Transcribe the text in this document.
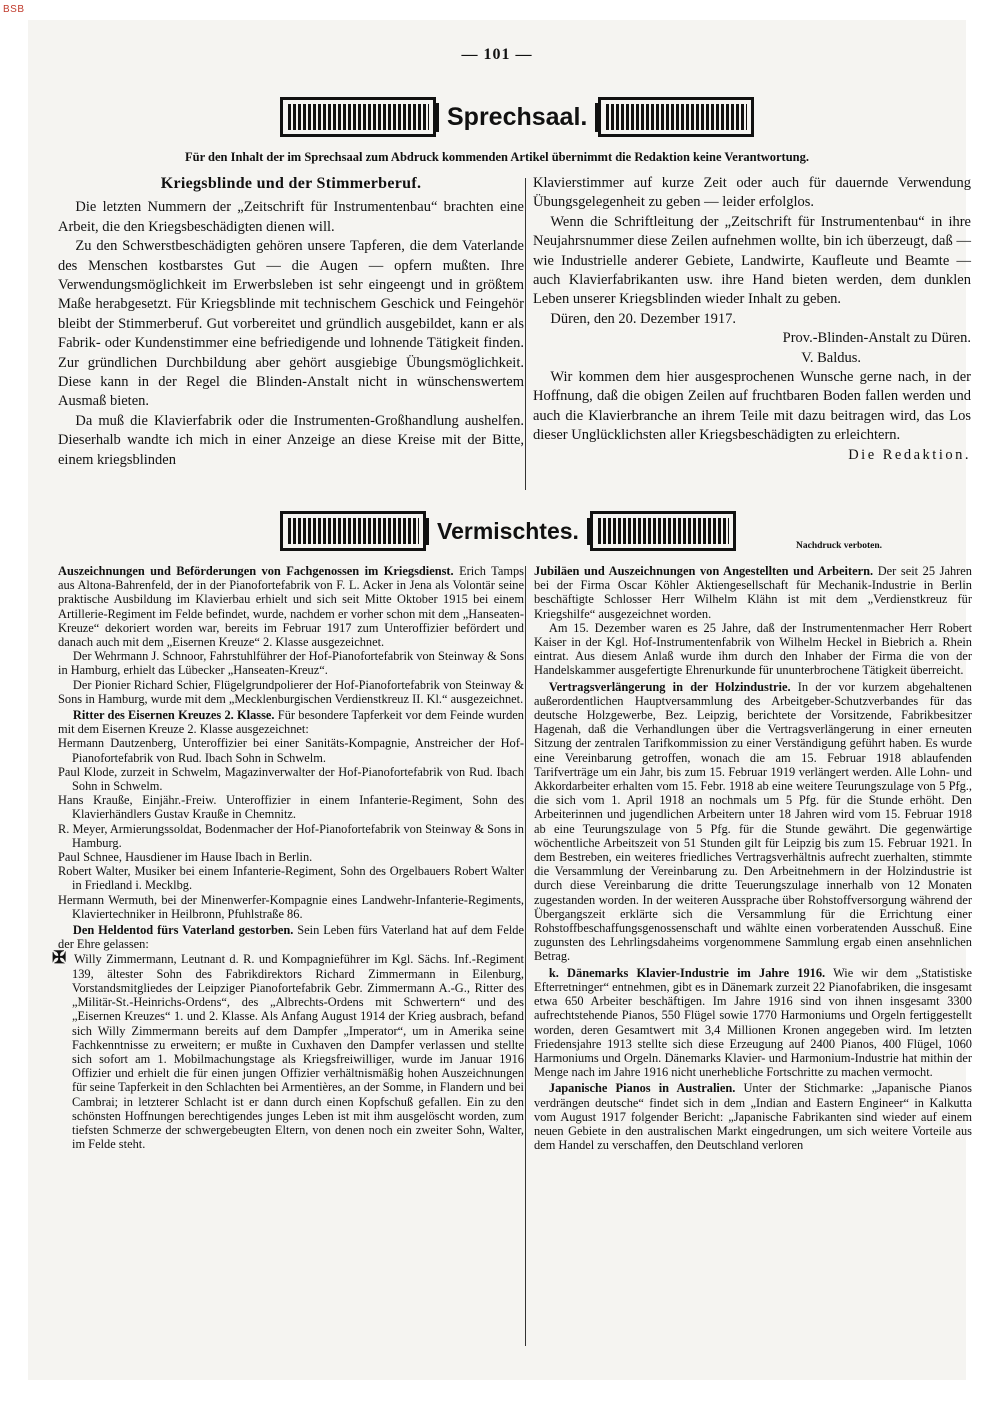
BSB
— 101 —
Sprechsaal.
Für den Inhalt der im Sprechsaal zum Abdruck kommenden Artikel übernimmt die Redaktion keine Verantwortung.
Kriegsblinde und der Stimmerberuf.

Die letzten Nummern der „Zeitschrift für Instrumentenbau“ brachten eine Arbeit, die den Kriegsbeschädigten dienen will.

Zu den Schwerstbeschädigten gehören unsere Tapferen, die dem Vaterlande des Menschen kostbarstes Gut — die Augen — opfern mußten. Ihre Verwendungsmöglichkeit im Erwerbsleben ist sehr eingeengt und in größtem Maße herabgesetzt. Für Kriegsblinde mit technischem Geschick und Feingehör bleibt der Stimmerberuf. Gut vorbereitet und gründlich ausgebildet, kann er als Fabrik- oder Kundenstimmer eine befriedigende und lohnende Tätigkeit finden. Zur gründlichen Durchbildung aber gehört ausgiebige Übungsmöglichkeit. Diese kann in der Regel die Blinden-Anstalt nicht in wünschenswertem Ausmaß bieten.

Da muß die Klavierfabrik oder die Instrumenten-Großhandlung aushelfen. Dieserhalb wandte ich mich in einer Anzeige an diese Kreise mit der Bitte, einem kriegsblinden

Klavierstimmer auf kurze Zeit oder auch für dauernde Verwendung Übungsgelegenheit zu geben — leider erfolglos.

Wenn die Schriftleitung der „Zeitschrift für Instrumentenbau“ in ihre Neujahrsnummer diese Zeilen aufnehmen wollte, bin ich überzeugt, daß — wie Industrielle anderer Gebiete, Landwirte, Kaufleute und Beamte — auch Klavierfabrikanten usw. ihre Hand bieten werden, dem dunklen Leben unserer Kriegsblinden wieder Inhalt zu geben.

Düren, den 20. Dezember 1917.

Prov.-Blinden-Anstalt zu Düren.

V. Baldus.

Wir kommen dem hier ausgesprochenen Wunsche gerne nach, in der Hoffnung, daß die obigen Zeilen auf fruchtbaren Boden fallen werden und auch die Klavierbranche an ihrem Teile mit dazu beitragen wird, das Los dieser Unglücklichsten aller Kriegsbeschädigten zu erleichtern.

Die Redaktion.

Vermischtes.
Nachdruck verboten.

Auszeichnungen und Beförderungen von Fachgenossen im Kriegsdienst. Erich Tamps aus Altona-Bahrenfeld, der in der Pianofortefabrik von F. L. Acker in Jena als Volontär seine praktische Ausbildung im Klavierbau erhielt und sich seit Mitte Oktober 1915 bei einem Artillerie-Regiment im Felde befindet, wurde, nachdem er vorher schon mit dem „Hanseaten-Kreuze“ dekoriert worden war, bereits im Februar 1917 zum Unteroffizier befördert und danach auch mit dem „Eisernen Kreuze“ 2. Klasse ausgezeichnet.

Der Wehrmann J. Schnoor, Fahrstuhlführer der Hof-Pianofortefabrik von Steinway & Sons in Hamburg, erhielt das Lübecker „Hanseaten-Kreuz“.

Der Pionier Richard Schier, Flügelgrundpolierer der Hof-Pianofortefabrik von Steinway & Sons in Hamburg, wurde mit dem „Mecklenburgischen Verdienstkreuz II. Kl.“ ausgezeichnet.

Ritter des Eisernen Kreuzes 2. Klasse. Für besondere Tapferkeit vor dem Feinde wurden mit dem Eisernen Kreuze 2. Klasse ausgezeichnet:

Hermann Dautzenberg, Unteroffizier bei einer Sanitäts-Kompagnie, Anstreicher der Hof-Pianofortefabrik von Rud. Ibach Sohn in Schwelm.

Paul Klode, zurzeit in Schwelm, Magazinverwalter der Hof-Pianofortefabrik von Rud. Ibach Sohn in Schwelm.

Hans Krauße, Einjähr.-Freiw. Unteroffizier in einem Infanterie-Regiment, Sohn des Klavierhändlers Gustav Krauße in Chemnitz.

R. Meyer, Armierungssoldat, Bodenmacher der Hof-Pianofortefabrik von Steinway & Sons in Hamburg.

Paul Schnee, Hausdiener im Hause Ibach in Berlin.

Robert Walter, Musiker bei einem Infanterie-Regiment, Sohn des Orgelbauers Robert Walter in Friedland i. Mecklbg.

Hermann Wermuth, bei der Minenwerfer-Kompagnie eines Landwehr-Infanterie-Regiments, Klaviertechniker in Heilbronn, Pfuhlstraße 86.

Den Heldentod fürs Vaterland gestorben. Sein Leben fürs Vaterland hat auf dem Felde der Ehre gelassen:

✠ Willy Zimmermann, Leutnant d. R. und Kompagnieführer im Kgl. Sächs. Inf.-Regiment 139, ältester Sohn des Fabrikdirektors Richard Zimmermann in Eilenburg, Vorstandsmitgliedes der Leipziger Pianofortefabrik Gebr. Zimmermann A.-G., Ritter des „Militär-St.-Heinrichs-Ordens“, des „Albrechts-Ordens mit Schwertern“ und des „Eisernen Kreuzes“ 1. und 2. Klasse. Als Anfang August 1914 der Krieg ausbrach, befand sich Willy Zimmermann bereits auf dem Dampfer „Imperator“, um in Amerika seine Fachkenntnisse zu erweitern; er mußte in Cuxhaven den Dampfer verlassen und stellte sich sofort am 1. Mobilmachungstage als Kriegsfreiwilliger, wurde im Januar 1916 Offizier und erhielt die für einen jungen Offizier verhältnismäßig hohen Auszeichnungen für seine Tapferkeit in den Schlachten bei Armentières, an der Somme, in Flandern und bei Cambrai; in letzterer Schlacht ist er dann durch einen Kopfschuß gefallen. Ein zu den schönsten Hoffnungen berechtigendes junges Leben ist mit ihm ausgelöscht worden, zum tiefsten Schmerze der schwergebeugten Eltern, von denen noch ein zweiter Sohn, Walter, im Felde steht.

Jubiläen und Auszeichnungen von Angestellten und Arbeitern. Der seit 25 Jahren bei der Firma Oscar Köhler Aktiengesellschaft für Mechanik-Industrie in Berlin beschäftigte Schlosser Herr Wilhelm Klähn ist mit dem „Verdienstkreuz für Kriegshilfe“ ausgezeichnet worden.

Am 15. Dezember waren es 25 Jahre, daß der Instrumentenmacher Herr Robert Kaiser in der Kgl. Hof-Instrumentenfabrik von Wilhelm Heckel in Biebrich a. Rhein eintrat. Aus diesem Anlaß wurde ihm durch den Inhaber der Firma die von der Handelskammer ausgefertigte Ehrenurkunde für ununterbrochene Tätigkeit überreicht.

Vertragsverlängerung in der Holzindustrie. In der vor kurzem abgehaltenen außerordentlichen Hauptversammlung des Arbeitgeber-Schutzverbandes für das deutsche Holzgewerbe, Bez. Leipzig, berichtete der Vorsitzende, Fabrikbesitzer Hagenah, daß die Verhandlungen über die Vertragsverlängerung in einer erneuten Sitzung der zentralen Tarifkommission zu einer Verständigung geführt haben. Es wurde eine Vereinbarung getroffen, wonach die am 15. Februar 1918 ablaufenden Tarifverträge um ein Jahr, bis zum 15. Februar 1919 verlängert werden. Alle Lohn- und Akkordarbeiter erhalten vom 15. Febr. 1918 ab eine weitere Teurungszulage von 5 Pfg., die sich vom 1. April 1918 an nochmals um 5 Pfg. für die Stunde erhöht. Den Arbeiterinnen und jugendlichen Arbeitern unter 18 Jahren wird vom 15. Februar 1918 ab eine Teurungszulage von 5 Pfg. für die Stunde gewährt. Die gegenwärtige wöchentliche Arbeitszeit von 51 Stunden gilt für Leipzig bis zum 15. Februar 1921. In dem Bestreben, ein weiteres friedliches Vertragsverhältnis aufrecht zuerhalten, stimmte die Versammlung der Vereinbarung zu. Den Arbeitnehmern in der Holzindustrie ist durch diese Vereinbarung die dritte Teuerungszulage innerhalb von 12 Monaten zugestanden worden. In der weiteren Aussprache über Rohstoffversorgung während der Übergangszeit erklärte sich die Versammlung für die Errichtung einer Rohstoffbeschaffungsgenossenschaft und wählte einen vorberatenden Ausschuß. Eine zugunsten des Lehrlingsdaheims vorgenommene Sammlung ergab einen ansehnlichen Betrag.

k. Dänemarks Klavier-Industrie im Jahre 1916. Wie wir dem „Statistiske Efterretninger“ entnehmen, gibt es in Dänemark zurzeit 22 Pianofabriken, die insgesamt etwa 650 Arbeiter beschäftigen. Im Jahre 1916 sind von ihnen insgesamt 3300 aufrechtstehende Pianos, 550 Flügel sowie 1770 Harmoniums und Orgeln fertiggestellt worden, deren Gesamtwert mit 3,4 Millionen Kronen angegeben wird. Im letzten Friedensjahre 1913 stellte sich diese Erzeugung auf 2400 Pianos, 400 Flügel, 1060 Harmoniums und Orgeln. Dänemarks Klavier- und Harmonium-Industrie hat mithin der Menge nach im Jahre 1916 nicht unerhebliche Fortschritte zu machen vermocht.

Japanische Pianos in Australien. Unter der Stichmarke: „Japanische Pianos verdrängen deutsche“ findet sich in dem „Indian and Eastern Engineer“ in Kalkutta vom August 1917 folgender Bericht: „Japanische Fabrikanten sind wieder auf einem neuen Gebiete in den australischen Markt eingedrungen, um sich weitere Vorteile aus dem Handel zu verschaffen, den Deutschland verloren
